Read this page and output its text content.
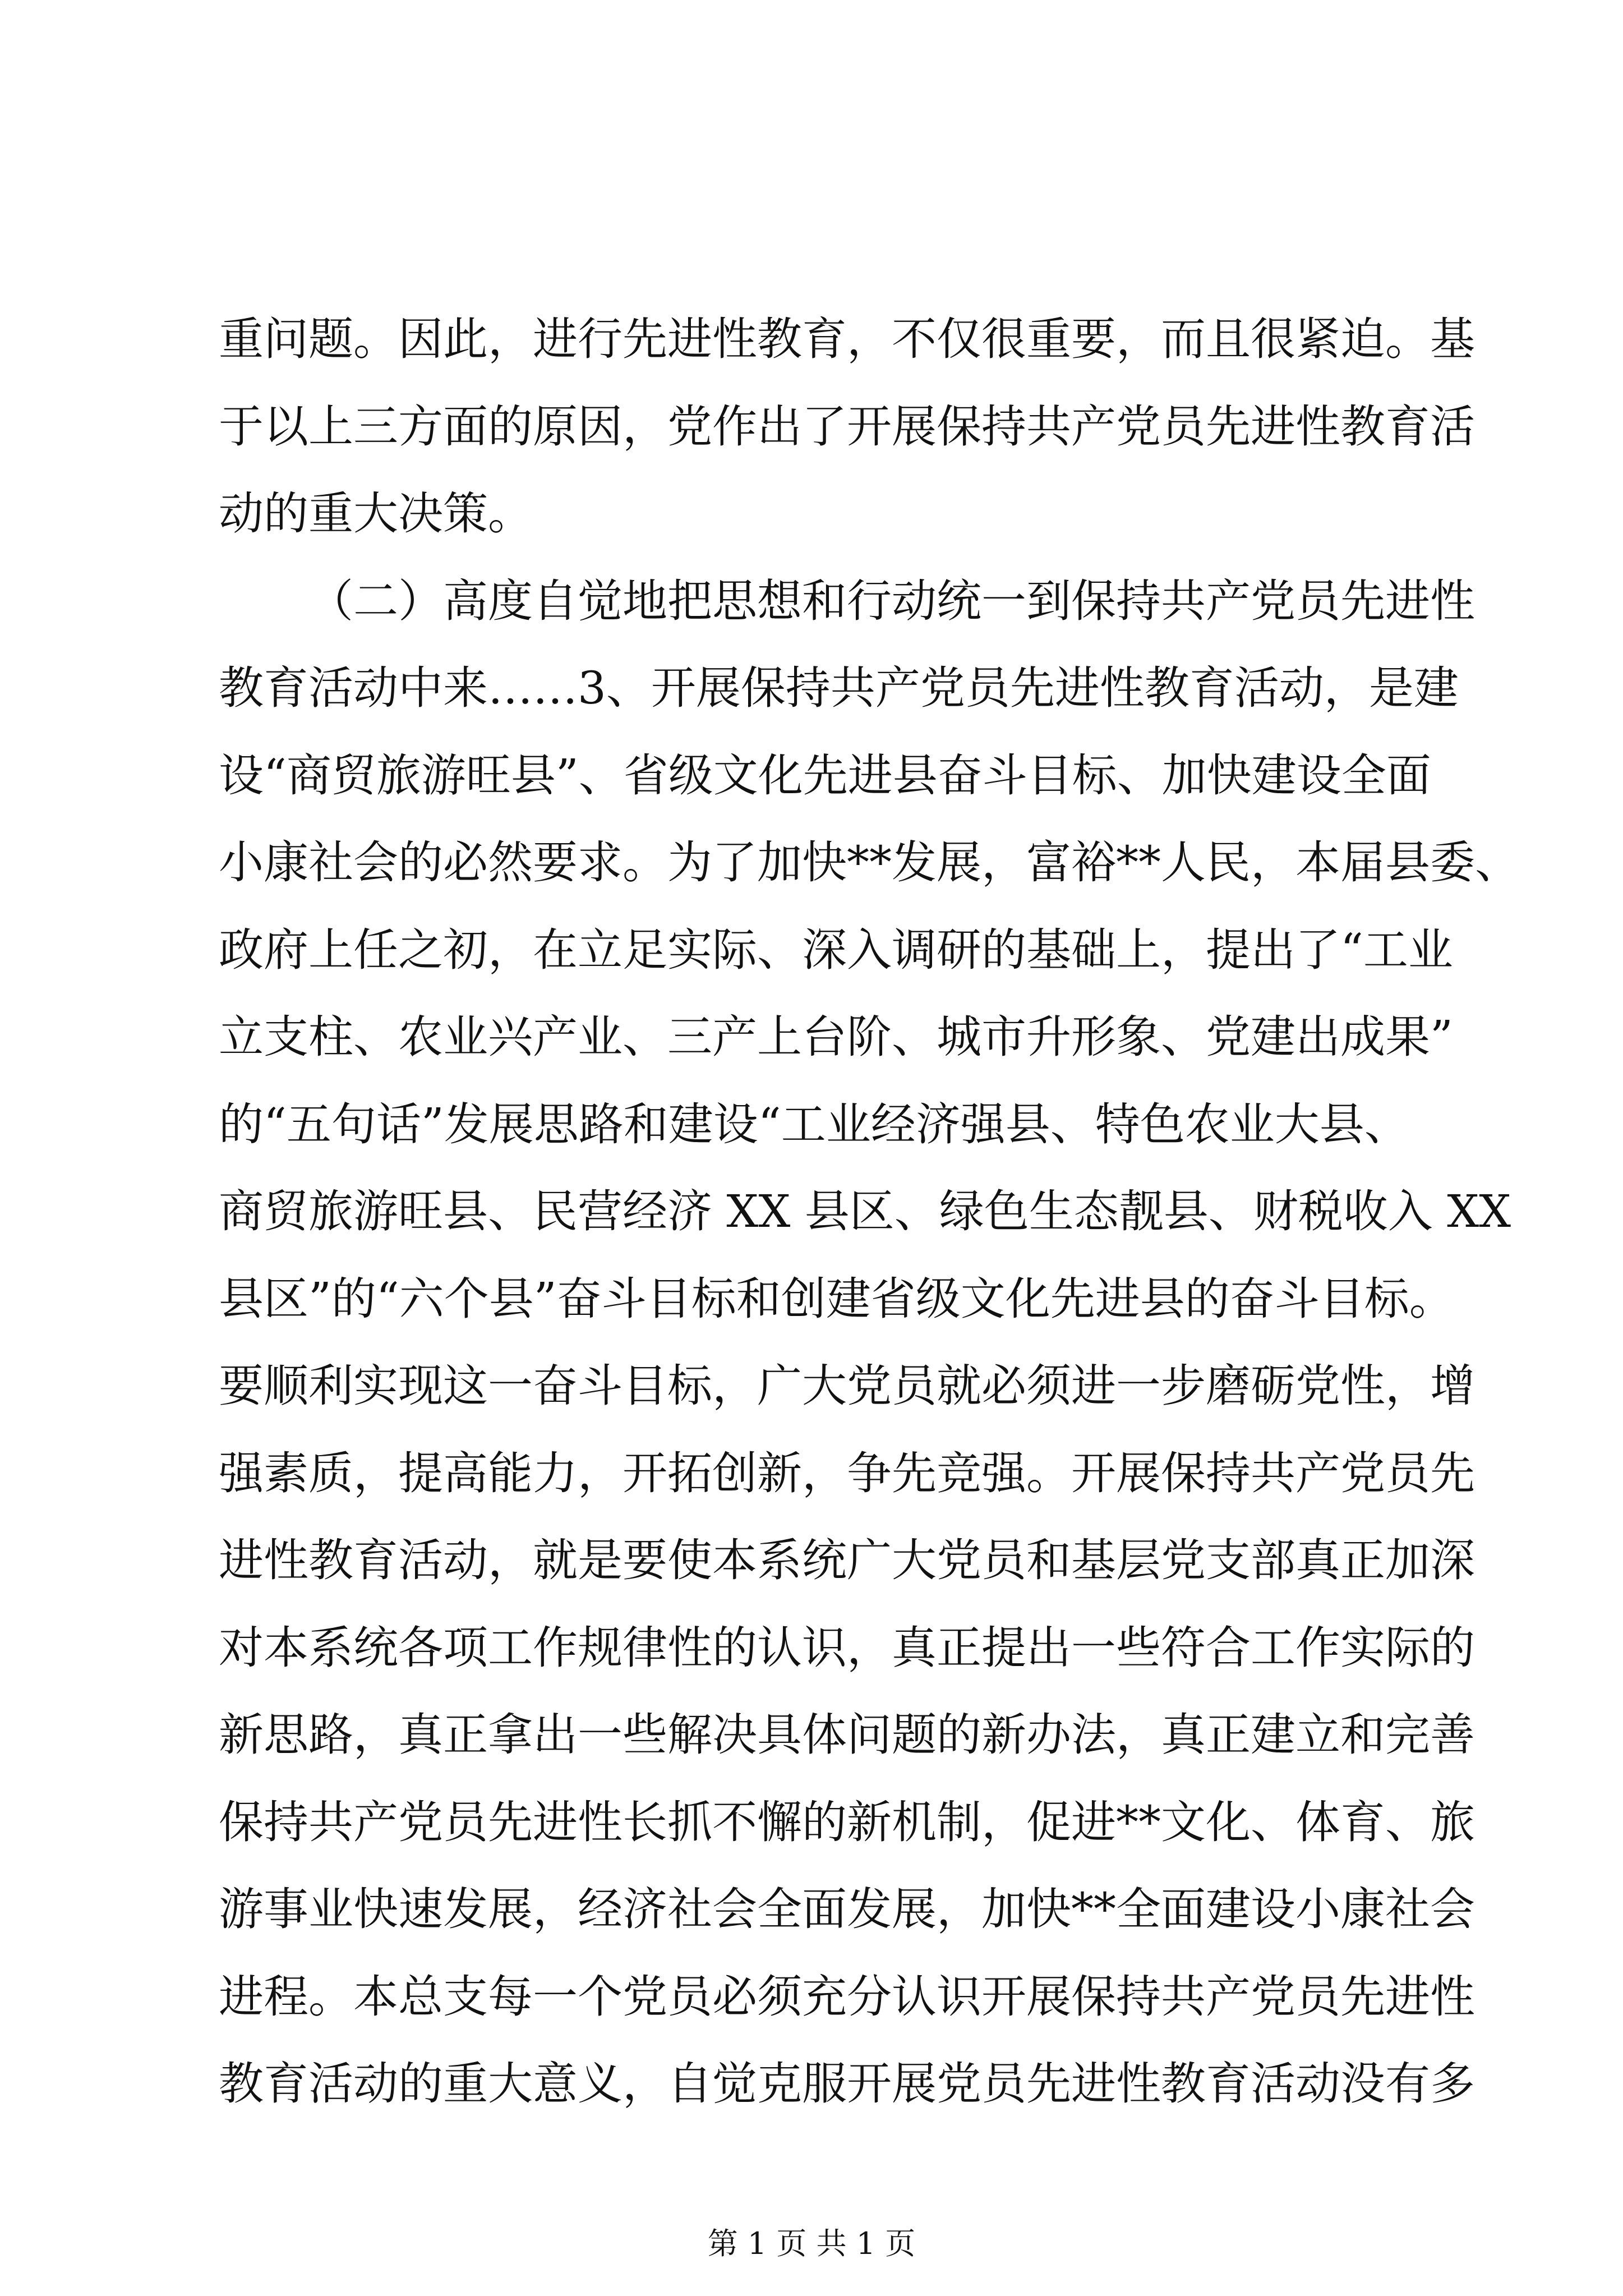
重问题。因此，进行先进性教育，不仅很重要，而且很紧迫。基
于以上三方面的原因，党作出了开展保持共产党员先进性教育活
动的重大决策。
（二）高度自觉地把思想和行动统一到保持共产党员先进性
教育活动中来……3、开展保持共产党员先进性教育活动，是建
设“商贸旅游旺县”、省级文化先进县奋斗目标、加快建设全面
小康社会的必然要求。为了加快**发展，富裕**人民，本届县委、
政府上任之初，在立足实际、深入调研的基础上，提出了“工业
立支柱、农业兴产业、三产上台阶、城市升形象、党建出成果”
的“五句话”发展思路和建设“工业经济强县、特色农业大县、
商贸旅游旺县、民营经济 XX 县区、绿色生态靓县、财税收入 XX
县区”的“六个县”奋斗目标和创建省级文化先进县的奋斗目标。
要顺利实现这一奋斗目标，广大党员就必须进一步磨砺党性，增
强素质，提高能力，开拓创新，争先竞强。开展保持共产党员先
进性教育活动，就是要使本系统广大党员和基层党支部真正加深
对本系统各项工作规律性的认识，真正提出一些符合工作实际的
新思路，真正拿出一些解决具体问题的新办法，真正建立和完善
保持共产党员先进性长抓不懈的新机制，促进**文化、体育、旅
游事业快速发展，经济社会全面发展，加快**全面建设小康社会
进程。本总支每一个党员必须充分认识开展保持共产党员先进性
教育活动的重大意义，自觉克服开展党员先进性教育活动没有多
第 1 页 共 1 页
